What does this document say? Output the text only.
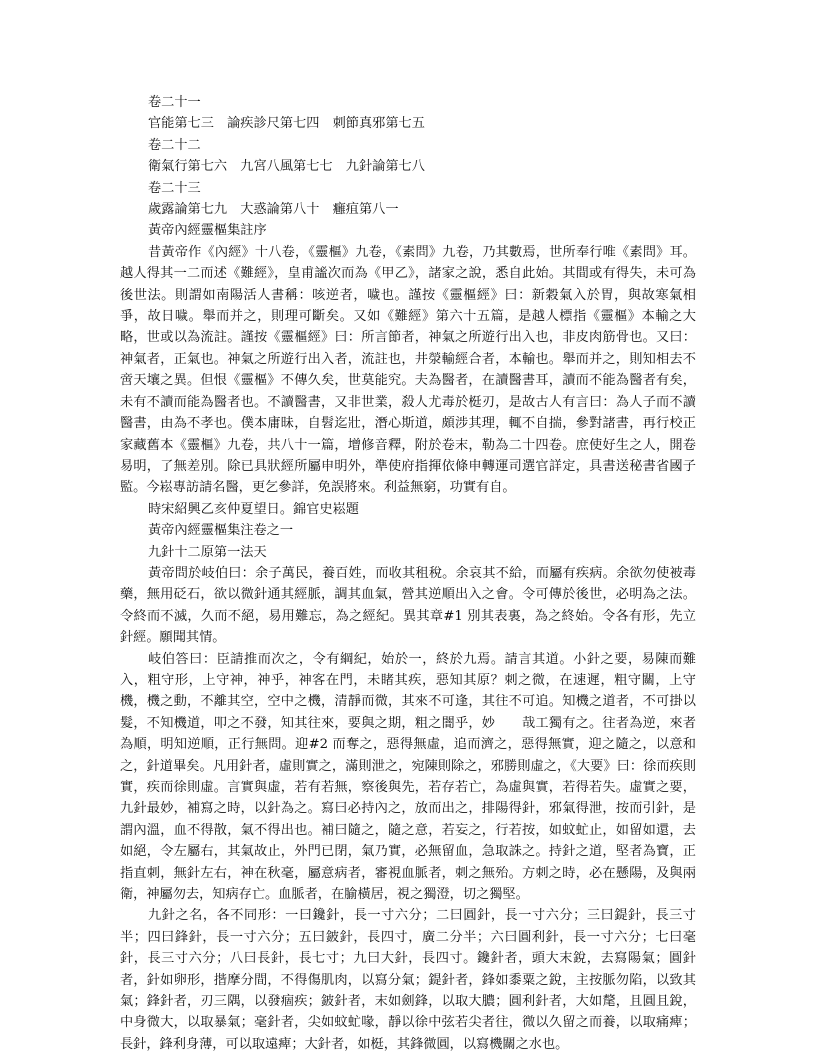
卷二十一

官能第七三　論疾診尺第七四　刺節真邪第七五

卷二十二

衛氣行第七六　九宮八風第七七　九針論第七八

卷二十三

歲露論第七九　大惑論第八十　癰疽第八一

黃帝內經靈樞集註序

昔黃帝作《內經》十八卷，《靈樞》九卷，《素問》九卷，乃其數焉，世所奉行唯《素問》耳。越人得其一二而述《難經》，皇甫謐次而為《甲乙》，諸家之說，悉自此始。其間或有得失，未可為後世法。則謂如南陽活人書稱：咳逆者，噦也。謹按《靈樞經》曰：新穀氣入於胃，與故寒氣相爭，故日噦。舉而并之，則理可斷矣。又如《難經》第六十五篇，是越人標指《靈樞》本輸之大略，世或以為流註。謹按《靈樞經》曰：所言節者，神氣之所遊行出入也，非皮肉筋骨也。又曰：神氣者，正氣也。神氣之所遊行出入者，流註也，井滎輸經合者，本輸也。舉而并之，則知相去不啻天壤之異。但恨《靈樞》不傳久矣，世莫能究。夫為醫者，在讀醫書耳，讀而不能為醫者有矣，未有不讀而能為醫者也。不讀醫書，又非世業，殺人尤毒於梃刃，是故古人有言曰：為人子而不讀醫書，由為不孝也。僕本庸昧，自髫迄壯，潛心斯道，頗涉其理，輒不自揣，參對諸書，再行校正家藏舊本《靈樞》九卷，共八十一篇，增修音釋，附於卷末，勒為二十四卷。庶使好生之人，開卷易明，了無差別。除已具狀經所屬申明外，準使府指揮依條申轉運司選官詳定，具書送秘書省國子監。今崧專訪請名醫，更乞參詳，免誤將來。利益無窮，功實有自。

時宋紹興乙亥仲夏望日。錦官史崧題

黃帝內經靈樞集注卷之一

九針十二原第一法天

黃帝問於岐伯曰：余子萬民，養百姓，而收其租稅。余哀其不給，而屬有疾病。余欲勿使被毒藥，無用砭石，欲以微針通其經脈，調其血氣，營其逆順出入之會。令可傳於後世，必明為之法。令終而不滅，久而不絕，易用難忘，為之經紀。異其章#1 別其表裏，為之終始。令各有形，先立針經。願聞其情。

岐伯答曰：臣請推而次之，令有綱紀，始於一，終於九焉。請言其道。小針之要，易陳而難入，粗守形，上守神，神乎，神客在門，未睹其疾，惡知其原？刺之微，在速遲，粗守關，上守機，機之動，不離其空，空中之機，清靜而微，其來不可逢，其往不可追。知機之道者，不可掛以髮，不知機道，叩之不發，知其往來，要與之期，粗之闇乎，妙　　哉工獨有之。往者為逆，來者為順，明知逆順，正行無問。迎#2 而奪之，惡得無虛，追而濟之，惡得無實，迎之隨之，以意和之，針道畢矣。凡用針者，虛則實之，滿則泄之，宛陳則除之，邪勝則虛之，《大要》曰：徐而疾則實，疾而徐則虛。言實與虛，若有若無，察後與先，若存若亡，為虛與實，若得若失。虛實之要，九針最妙，補寫之時，以針為之。寫曰必持內之，放而出之，排陽得針，邪氣得泄，按而引針，是謂內溫，血不得散，氣不得出也。補曰隨之，隨之意，若妄之，行若按，如蚊虻止，如留如還，去如絕，令左屬右，其氣故止，外門已閉，氣乃實，必無留血，急取誅之。持針之道，堅者為寶，正指直刺，無針左右，神在秋毫，屬意病者，審視血脈者，刺之無殆。方刺之時，必在懸陽，及與兩衛，神屬勿去，知病存亡。血脈者，在腧橫居，視之獨澄，切之獨堅。

九針之名，各不同形：一曰鑱針，長一寸六分；二曰圓針，長一寸六分；三曰鍉針，長三寸半；四曰鋒針，長一寸六分；五曰鈹針，長四寸，廣二分半；六曰圓利針，長一寸六分；七曰毫針，長三寸六分；八曰長針，長七寸；九曰大針，長四寸。鑱針者，頭大末銳，去寫陽氣；圓針者，針如卵形，揩摩分間，不得傷肌肉，以寫分氣；鍉針者，鋒如黍粟之銳，主按脈勿陷，以致其氣；鋒針者，刃三隅，以發痼疾；鈹針者，末如劍鋒，以取大膿；圓利針者，大如氂，且圓且銳，中身微大，以取暴氣；毫針者，尖如蚊虻喙，靜以徐中弦若尖者往，微以久留之而養，以取痛痺；長針，鋒利身薄，可以取遠痺；大針者，如梃，其鋒微圓，以寫機關之水也。
